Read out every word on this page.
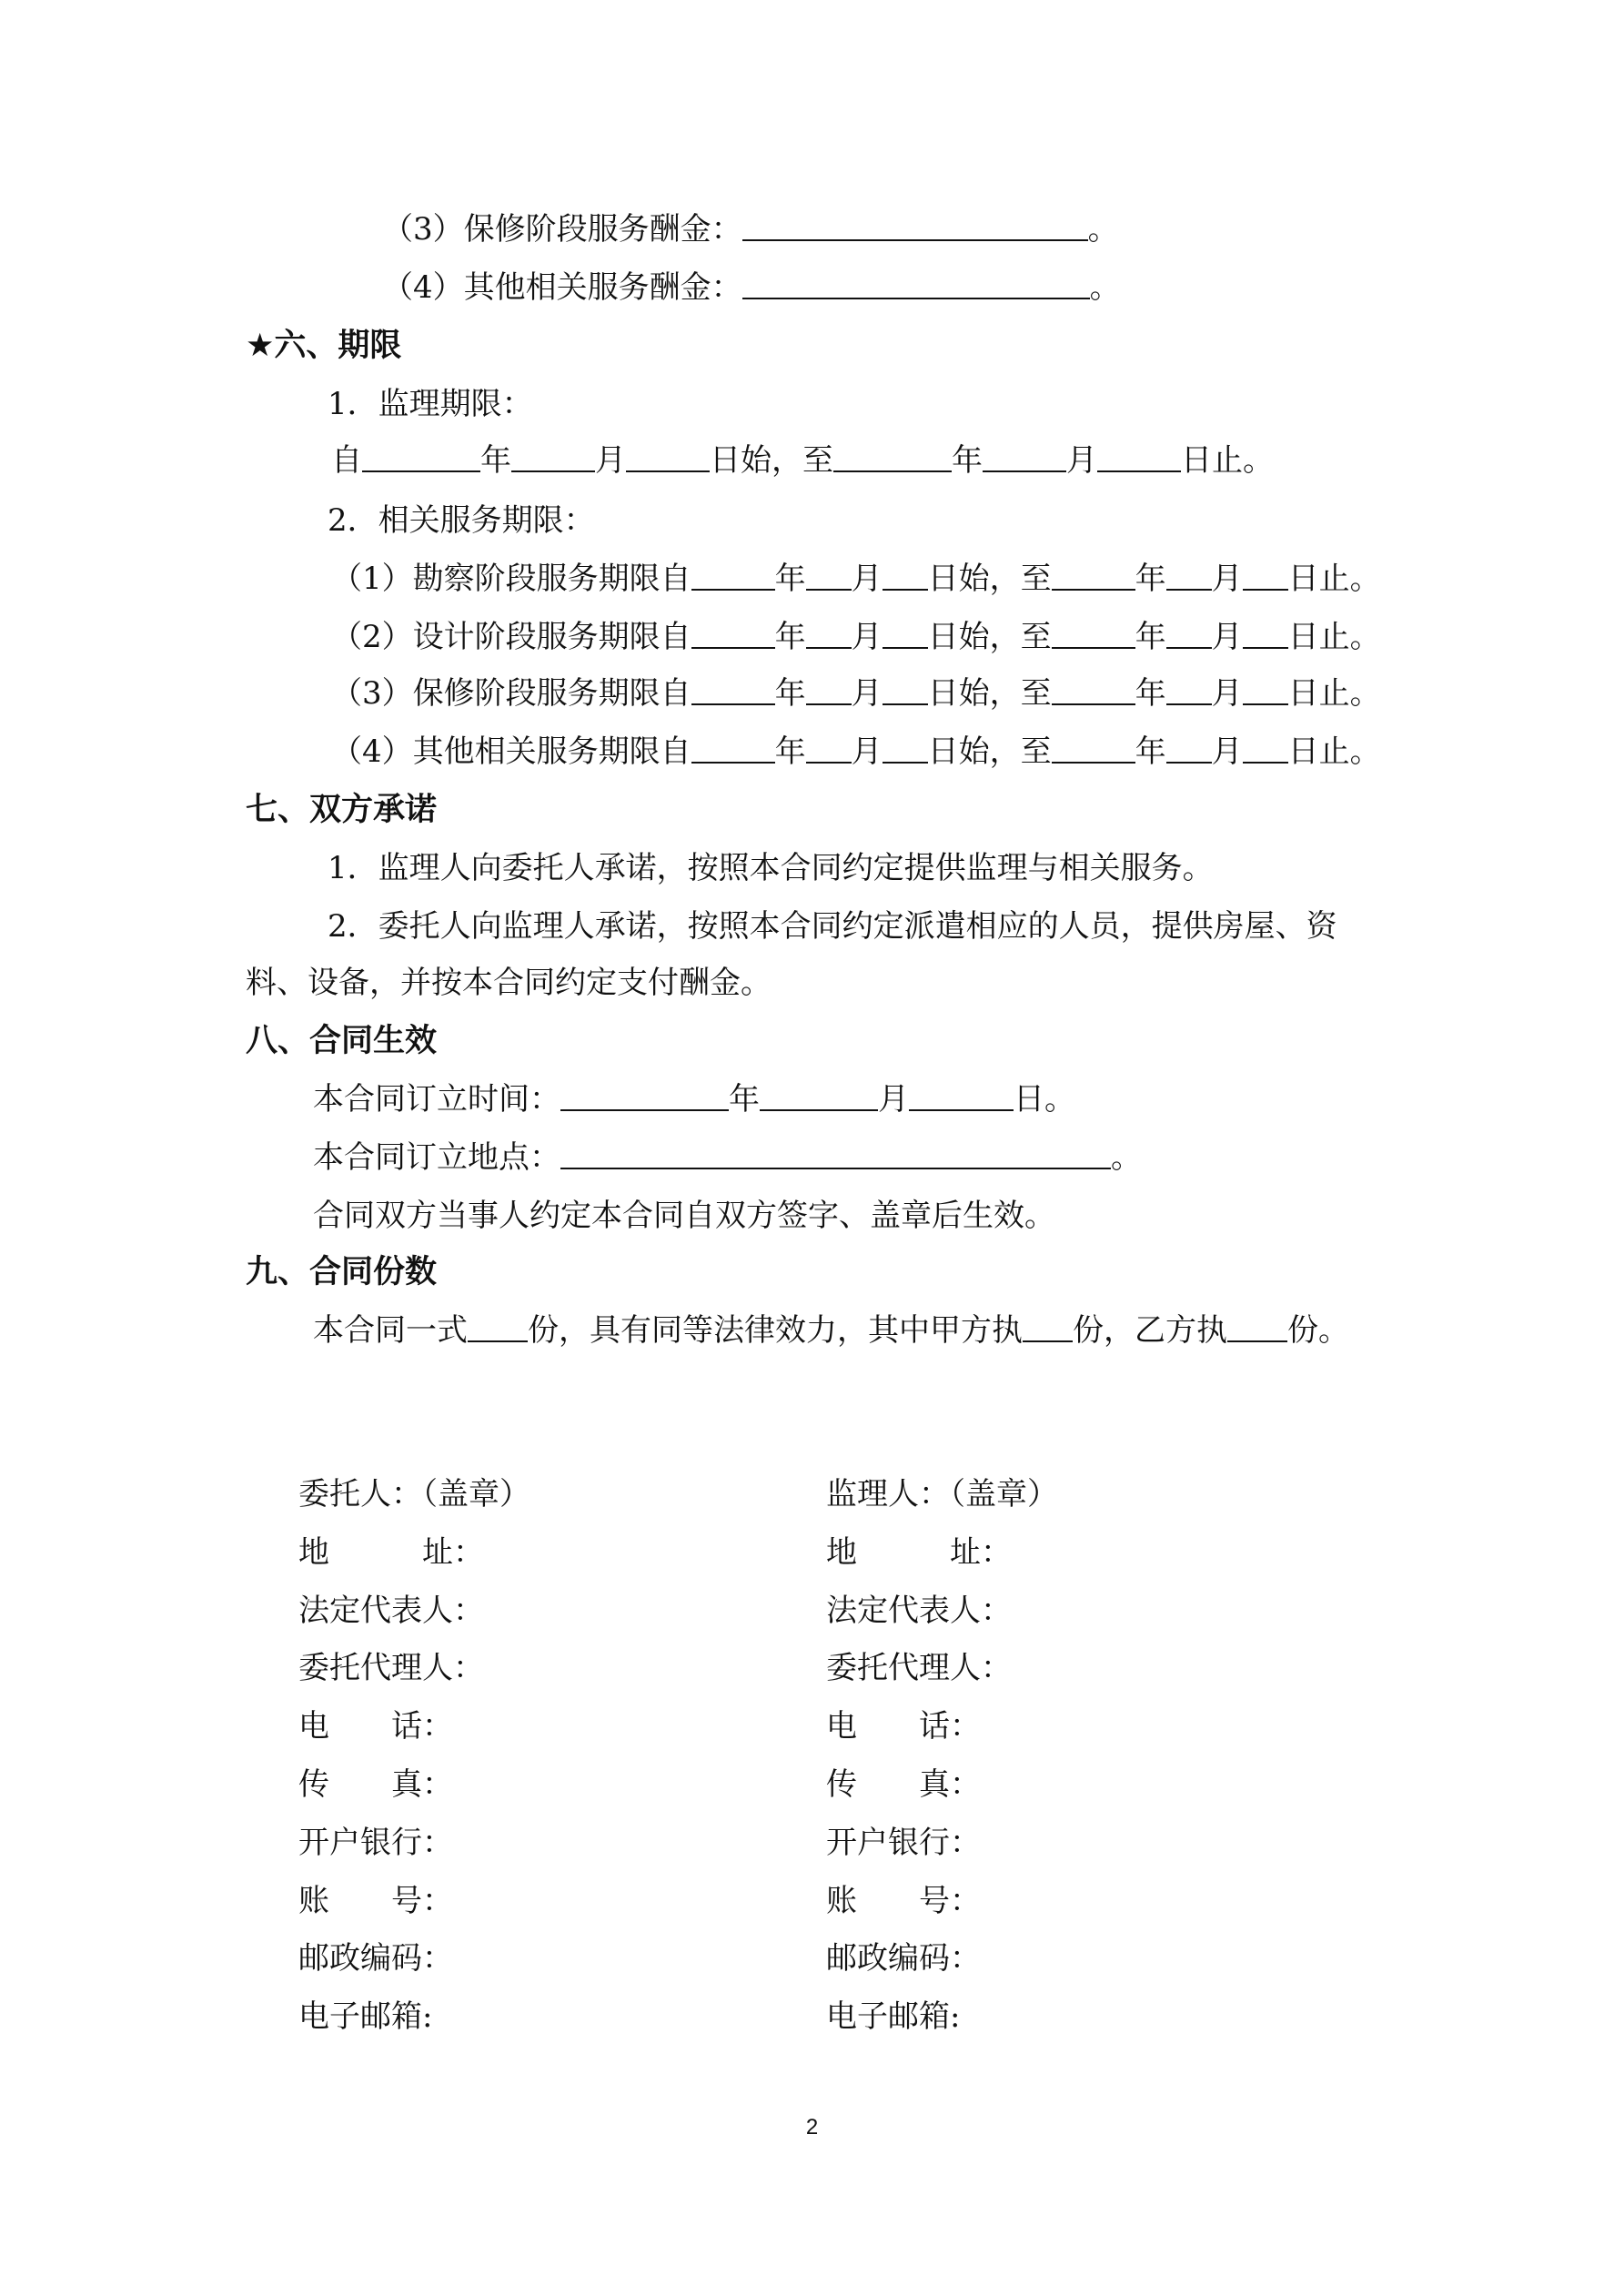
（3）保修阶段服务酬金：	。
（4）其他相关服务酬金：	。
★六、期限
1．监理期限：
自	年	月	日始，至	年	月	日止。
2．相关服务期限：
（1）勘察阶段服务期限自	年 月 日始，至	年 月 日止。
（2）设计阶段服务期限自	年 月 日始，至	年 月 日止。
（3）保修阶段服务期限自	年 月 日始，至	年 月 日止。
（4）其他相关服务期限自	年 月 日始，至	年 月 日止。
七、双方承诺
1．监理人向委托人承诺，按照本合同约定提供监理与相关服务。
2．委托人向监理人承诺，按照本合同约定派遣相应的人员，提供房屋、资
料、设备，并按本合同约定支付酬金。
八、合同生效
本合同订立时间：	年	月	日。
本合同订立地点：	。
合同双方当事人约定本合同自双方签字、盖章后生效。
九、合同份数
本合同一式 份，具有同等法律效力，其中甲方执 份，乙方执 份。
委托人：（盖章）
地　　　址：
法定代表人：
委托代理人：
电　　话：
传　　真：
开户银行：
账　　号：
邮政编码：
电子邮箱:
监理人：（盖章）
地　　　址：
法定代表人：
委托代理人：
电　　话：
传　　真：
开户银行：
账　　号：
邮政编码：
电子邮箱:
2
